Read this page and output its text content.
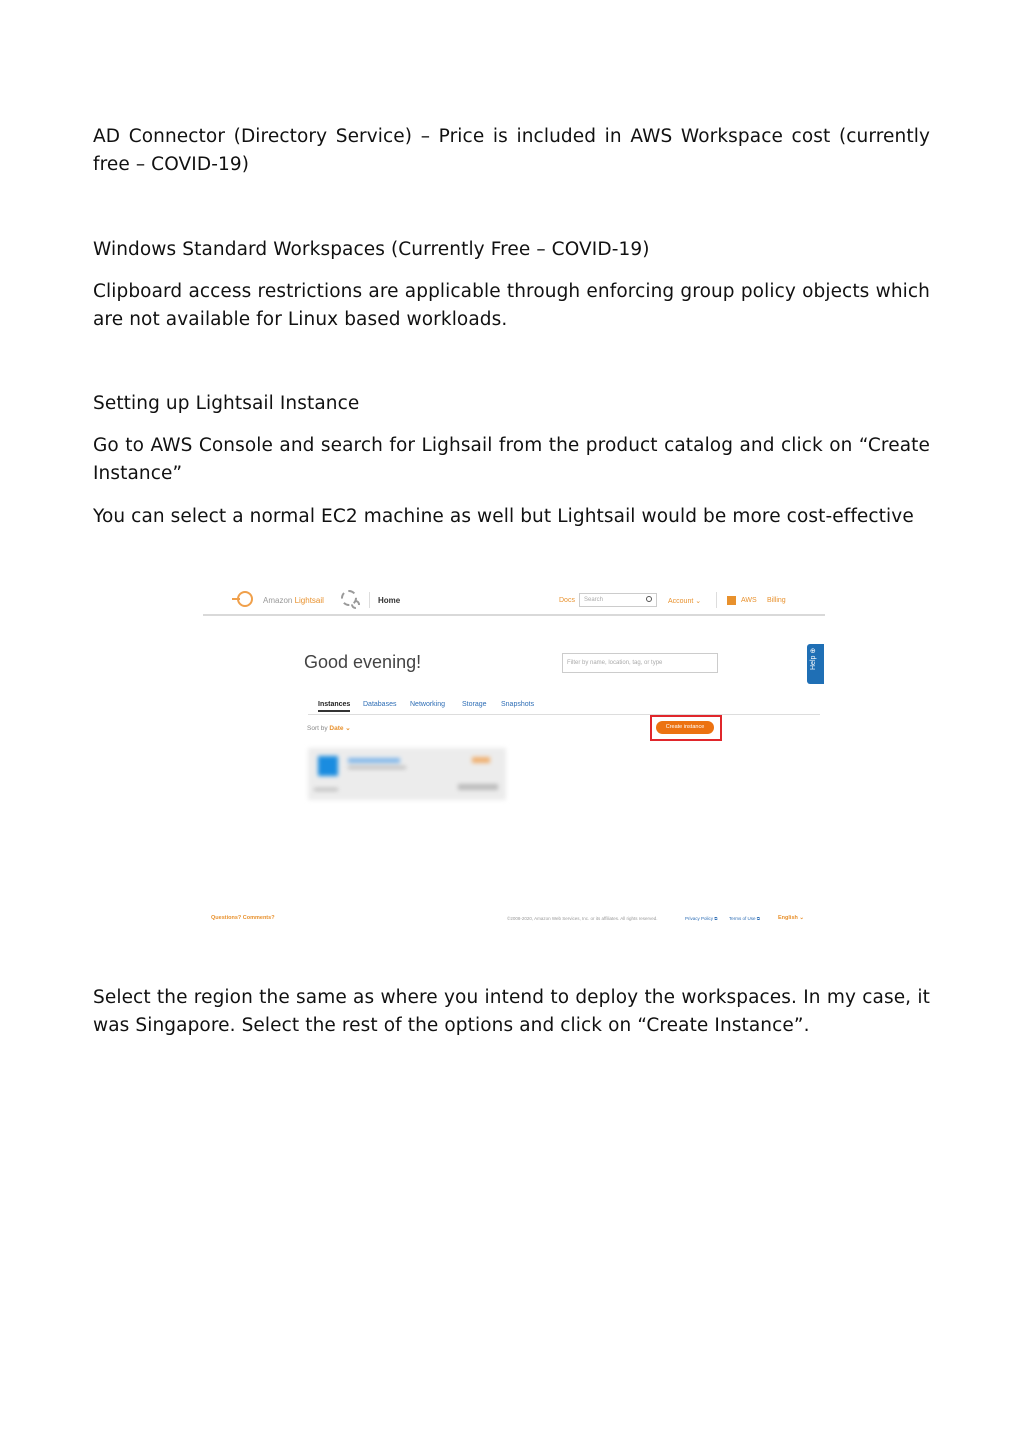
AD Connector (Directory Service) – Price is included in AWS Workspace cost (currently free – COVID-19)

Windows Standard Workspaces (Currently Free – COVID-19)

Clipboard access restrictions are applicable through enforcing group policy objects which are not available for Linux based workloads.

Setting up Lightsail Instance

Go to AWS Console and search for Lighsail from the product catalog and click on “Create Instance”

You can select a normal EC2 machine as well but Lightsail would be more cost-effective

Amazon Lightsail	Home	Docs Search	Account ⌄	AWS Billing
Good evening!	Filter by name, location, tag, or type	Help ⊕
Instances Databases Networking Storage Snapshots
Sort by Date ⌄	Create instance
Questions? Comments?	©2008-2020, Amazon Web Services, Inc. or its affiliates. All rights reserved.	Privacy Policy ⧉	Terms of Use ⧉	English ⌄

Select the region the same as where you intend to deploy the workspaces. In my case, it was Singapore. Select the rest of the options and click on “Create Instance”.
